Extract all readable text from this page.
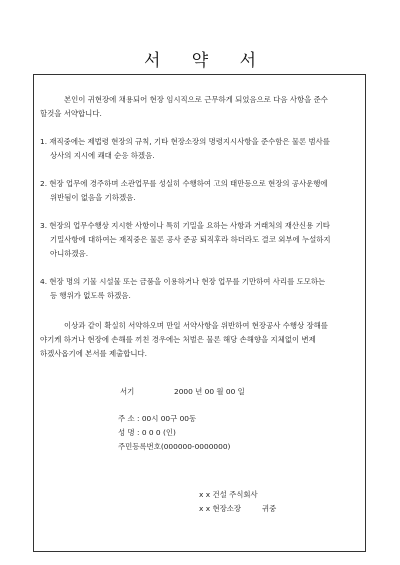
서 약 서
본인이 귀현장에 채용되어 현장 임시직으로 근무하게 되었음으로 다음 사항을 준수
할것을 서약합니다.
1. 재직중에는 제법령 현장의 규칙, 기타 현장소장의 명령지시사항을 준수함은 물론 범사를
상사의 지시에 쾌대 순응 하겠음.
2. 현장 업무에 경주하며 소관업무를 성실히 수행하여 고의 태만등으로 현장의 공사운행에
위반됨이 없음을 기하겠음.
3. 현장의 업무수행상 지시한 사항이나 특히 기밀을 요하는 사항과 거래처의 재산신용 기타
기밀사항에 대하여는 재직중은 물론 공사 준공 퇴직후라 하더라도 결코 외부에 누설하지
아니하겠음.
4. 현장 명의 기물 시설물 또는 금품을 이용하거나 현장 업무를 기만하여 사리를 도모하는
등 행위가 없도록 하겠음.
이상과 같이 확실히 서약하오며 만일 서약사항을 위반하여 현장공사 수행상 장해를
야기케 하거나 현장에 손해를 끼친 경우에는 처벌은 물론 해당 손해향을 지체없이 변제
하겠사옵기에 본서를 제출합니다.
서기	2000 년 00 월 00 일
주 소 : 00시 00구 00동
성 명 : 0 0 0 (인)
주민등록번호(000000-0000000)
x x 건설 주식회사
x x 현장소장	귀중
